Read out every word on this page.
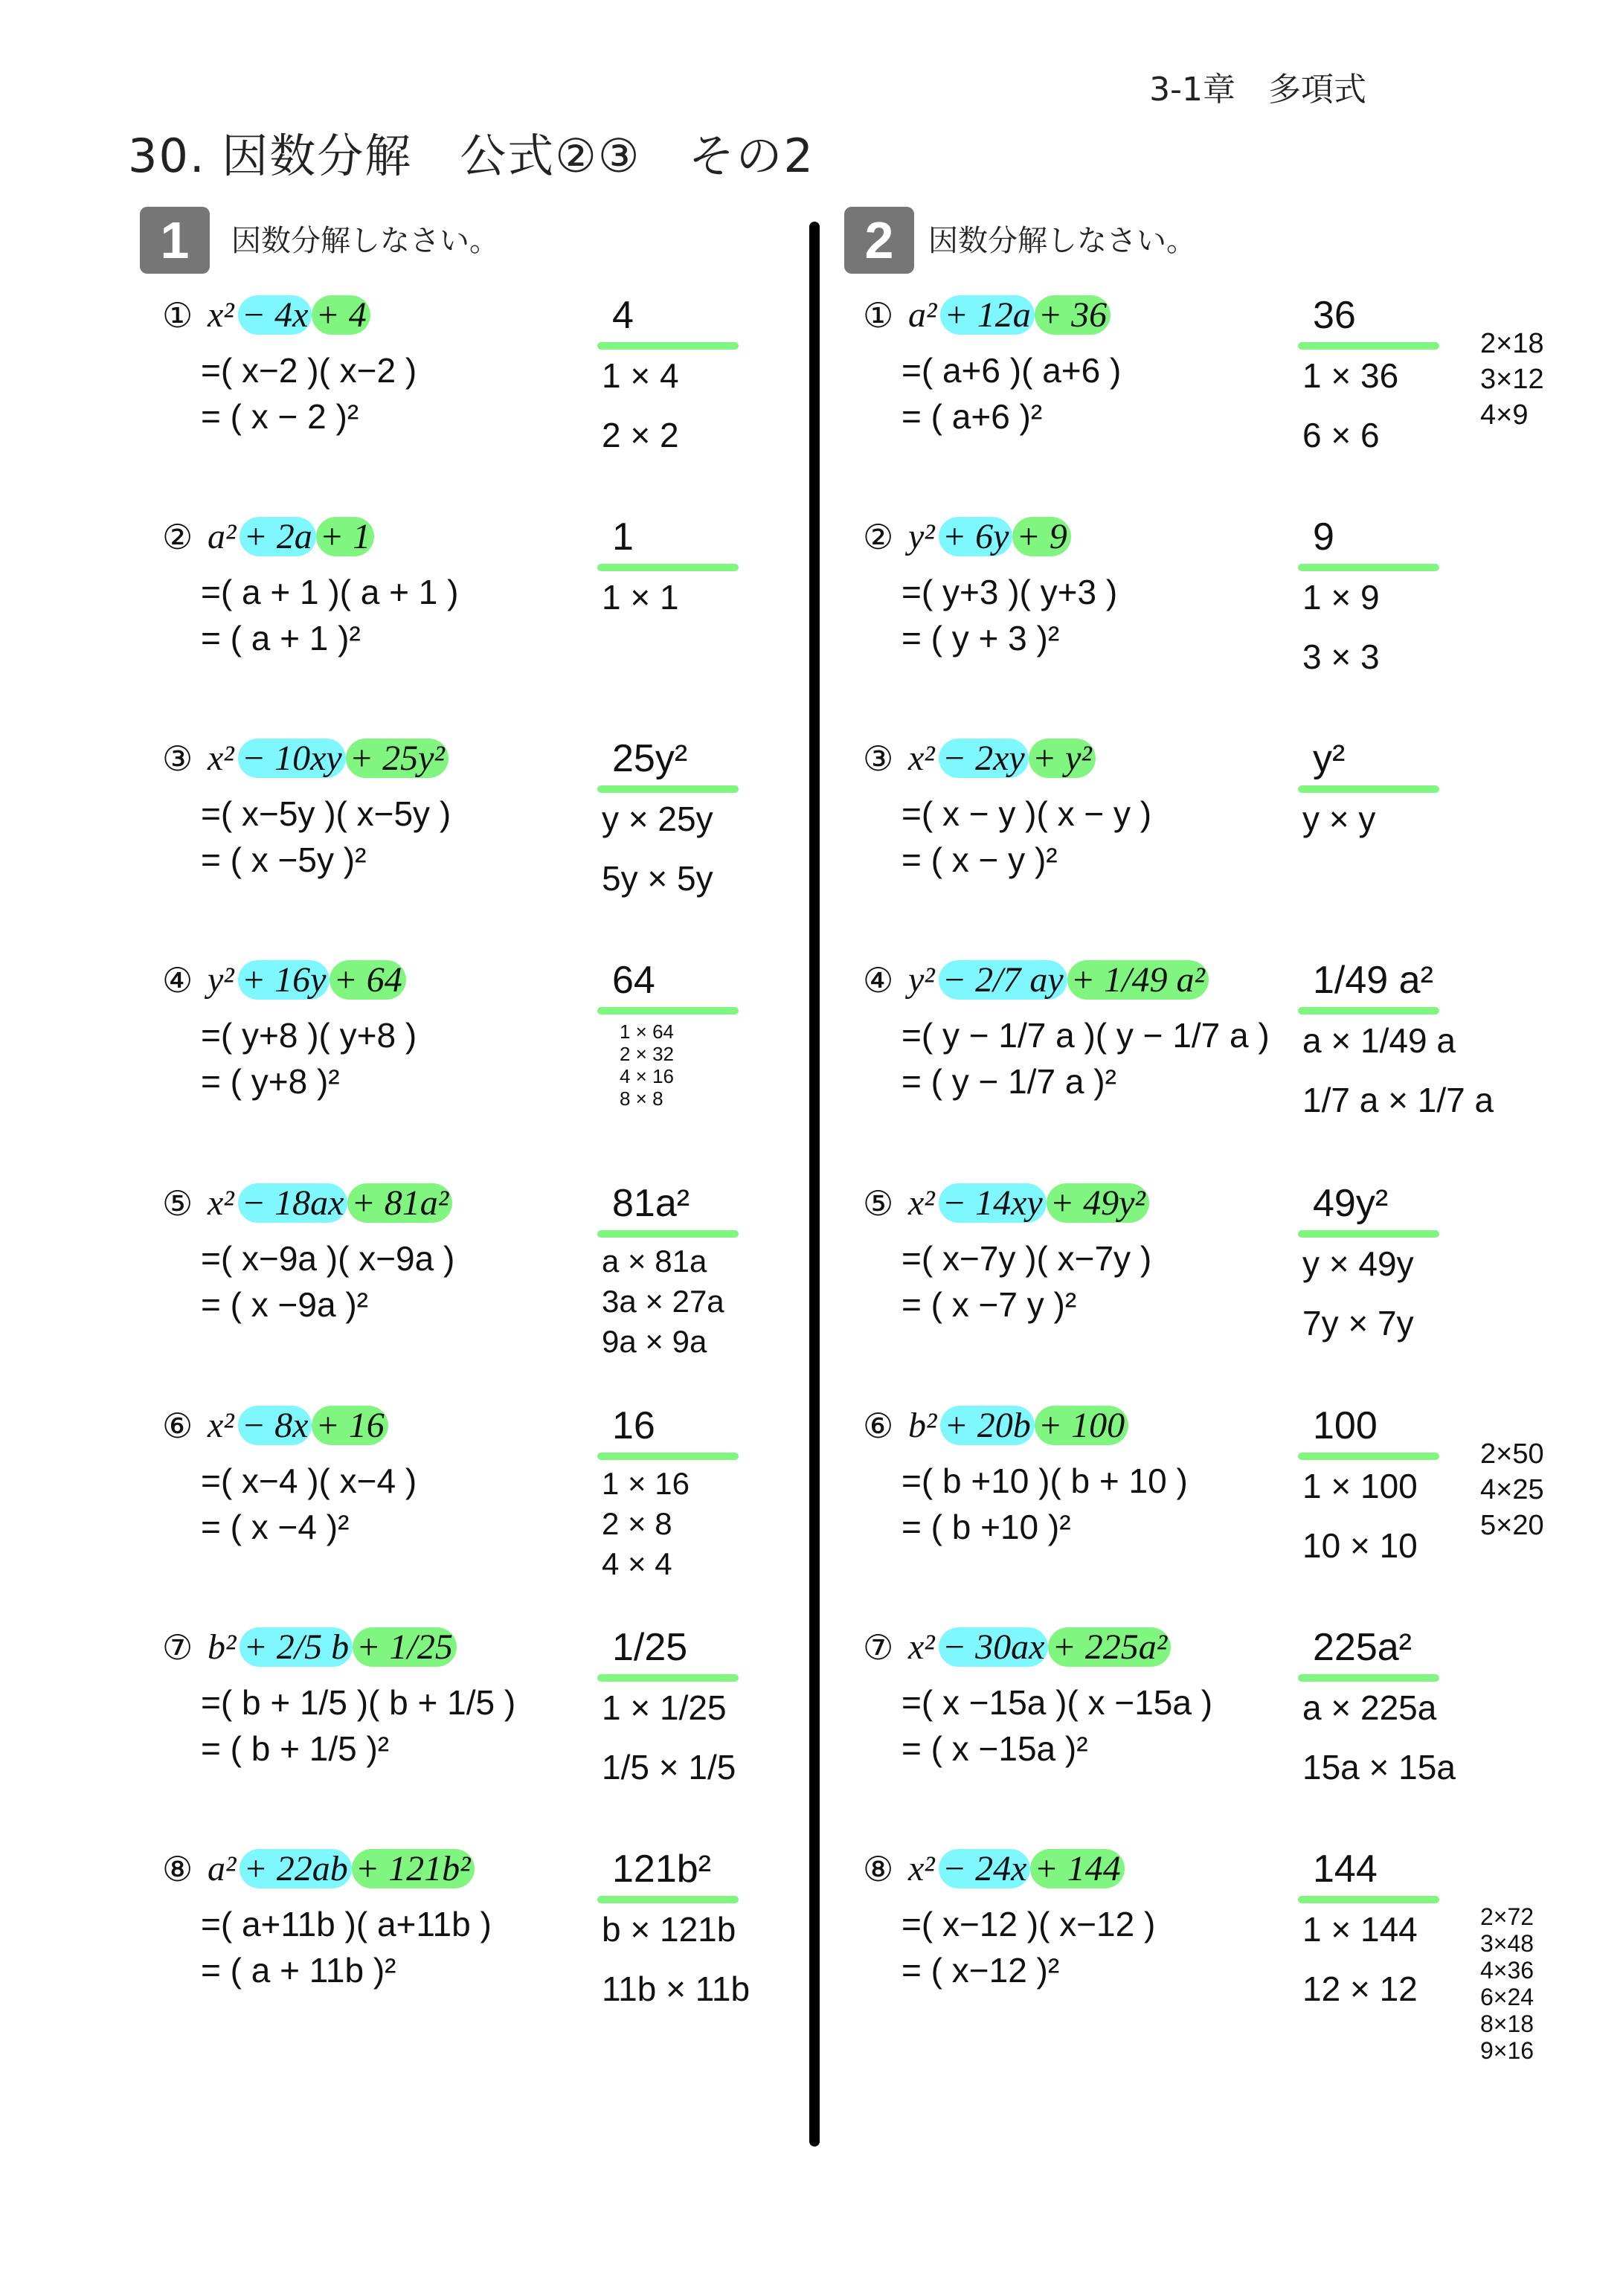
3-1章　多項式
30. 因数分解　公式②③　その2
1	因数分解しなさい。	2	因数分解しなさい。
① x² − 4x + 4
=( x−2 )( x−2 )
= ( x − 2 )²
4
1 × 4
2 × 2
② a² + 2a + 1
=( a + 1 )( a + 1 )
= ( a + 1 )²
1
1 × 1
③ x² − 10xy + 25y²
=( x−5y )( x−5y )
= ( x −5y )²
25y²
y × 25y
5y × 5y
④ y² + 16y + 64
=( y+8 )( y+8 )
= ( y+8 )²
64
1 × 64
2 × 32
4 × 16
8 × 8
⑤ x² − 18ax + 81a²
=( x−9a )( x−9a )
= ( x −9a )²
81a²
a × 81a
3a × 27a
9a × 9a
⑥ x² − 8x + 16
=( x−4 )( x−4 )
= ( x −4 )²
16
1 × 16
2 × 8
4 × 4
⑦ b² + 2/5 b + 1/25
=( b + 1/5 )( b + 1/5 )
= ( b + 1/5 )²
1/25
1 × 1/25
1/5 × 1/5
⑧ a² + 22ab + 121b²
=( a+11b )( a+11b )
= ( a + 11b )²
121b²
b × 121b
11b × 11b
① a² + 12a + 36
=( a+6 )( a+6 )
= ( a+6 )²
36
1 × 36
6 × 6
2×18
3×12
4×9
② y² + 6y + 9
=( y+3 )( y+3 )
= ( y + 3 )²
9
1 × 9
3 × 3
③ x² − 2xy + y²
=( x − y )( x − y )
= ( x − y )²
y²
y × y
④ y² − 2/7 ay + 1/49 a²
=( y − 1/7 a )( y − 1/7 a )
= ( y − 1/7 a )²
1/49 a²
a × 1/49 a
1/7 a × 1/7 a
⑤ x² − 14xy + 49y²
=( x−7y )( x−7y )
= ( x −7 y )²
49y²
y × 49y
7y × 7y
⑥ b² + 20b + 100
=( b +10 )( b + 10 )
= ( b +10 )²
100
1 × 100
10 × 10
2×50
4×25
5×20
⑦ x² − 30ax + 225a²
=( x −15a )( x −15a )
= ( x −15a )²
225a²
a × 225a
15a × 15a
⑧ x² − 24x + 144
=( x−12 )( x−12 )
= ( x−12 )²
144
1 × 144
12 × 12
2×72
3×48
4×36
6×24
8×18
9×16
